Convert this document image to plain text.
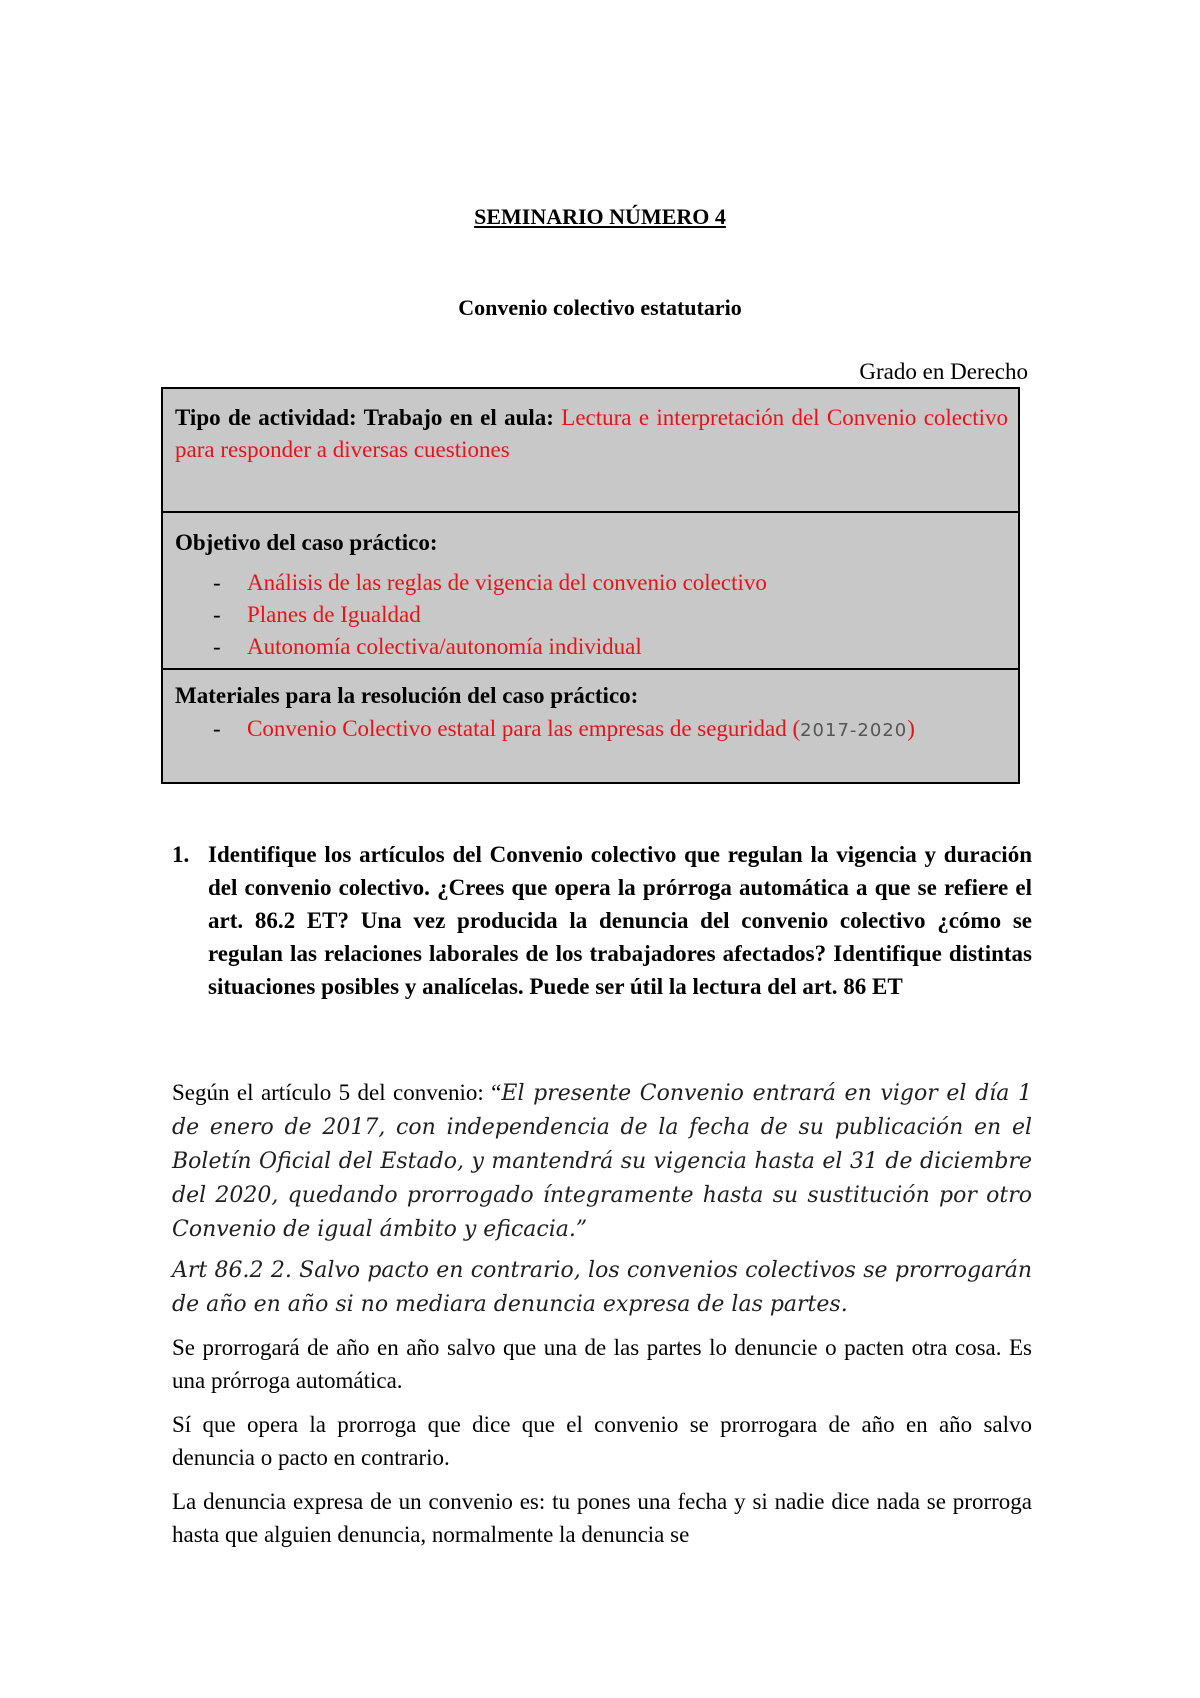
SEMINARIO NÚMERO 4
Convenio colectivo estatutario
Grado en Derecho
Tipo de actividad: Trabajo en el aula: Lectura e interpretación del Convenio colectivo para responder a diversas cuestiones
Objetivo del caso práctico:
- Análisis de las reglas de vigencia del convenio colectivo
- Planes de Igualdad
- Autonomía colectiva/autonomía individual
Materiales para la resolución del caso práctico:
- Convenio Colectivo estatal para las empresas de seguridad (2017-2020)
1. Identifique los artículos del Convenio colectivo que regulan la vigencia y duración del convenio colectivo. ¿Crees que opera la prórroga automática a que se refiere el art. 86.2 ET? Una vez producida la denuncia del convenio colectivo ¿cómo se regulan las relaciones laborales de los trabajadores afectados? Identifique distintas situaciones posibles y analícelas. Puede ser útil la lectura del art. 86 ET
Según el artículo 5 del convenio: “El presente Convenio entrará en vigor el día 1 de enero de 2017, con independencia de la fecha de su publicación en el Boletín Oficial del Estado, y mantendrá su vigencia hasta el 31 de diciembre del 2020, quedando prorrogado íntegramente hasta su sustitución por otro Convenio de igual ámbito y eficacia.”
Art 86.2 2. Salvo pacto en contrario, los convenios colectivos se prorrogarán de año en año si no mediara denuncia expresa de las partes.
Se prorrogará de año en año salvo que una de las partes lo denuncie o pacten otra cosa. Es una prórroga automática.
Sí que opera la prorroga que dice que el convenio se prorrogara de año en año salvo denuncia o pacto en contrario.
La denuncia expresa de un convenio es: tu pones una fecha y si nadie dice nada se prorroga hasta que alguien denuncia, normalmente la denuncia se
